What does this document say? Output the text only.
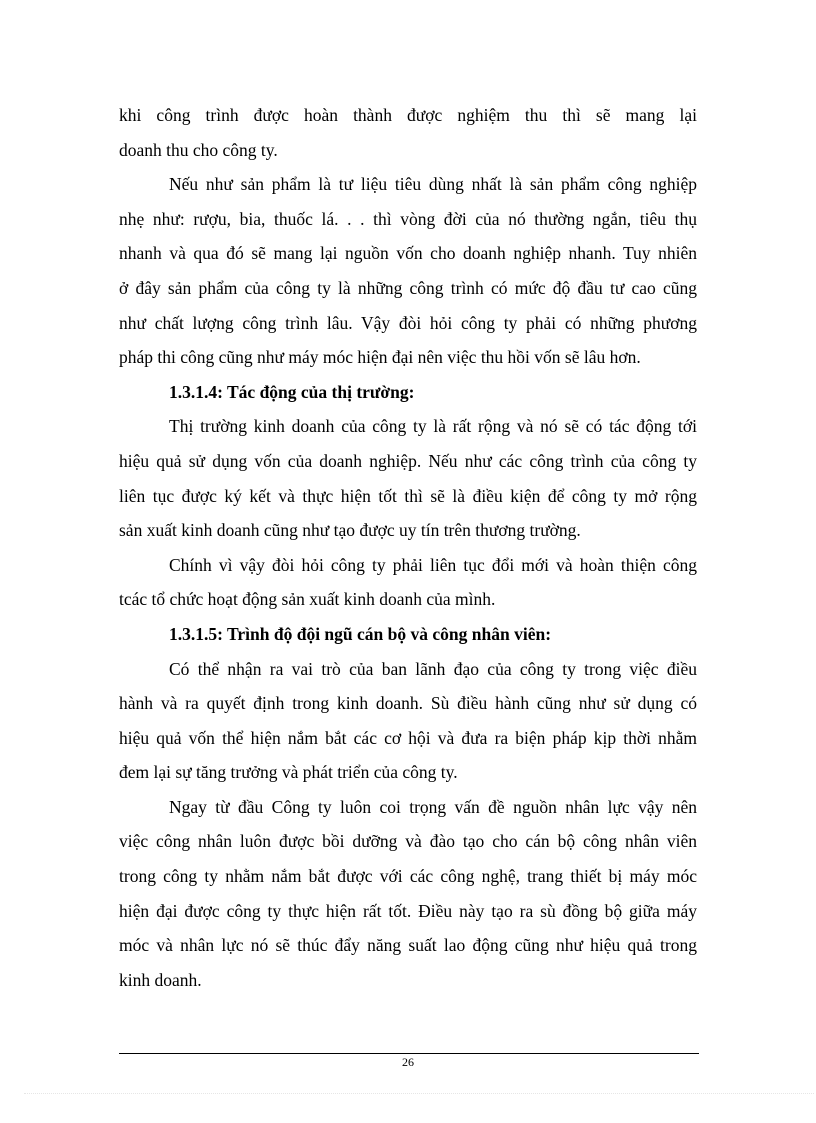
khi công trình được hoàn thành được nghiệm thu thì sẽ mang lại
doanh thu cho công ty.
Nếu như sản phẩm là tư liệu tiêu dùng nhất là sản phẩm công nghiệp
nhẹ như: rượu, bia, thuốc lá. . . thì vòng đời của nó thường ngắn, tiêu thụ
nhanh và qua đó sẽ mang lại nguồn vốn cho doanh nghiệp nhanh. Tuy nhiên
ở đây sản phẩm của công ty là những công trình có mức độ đầu tư cao cũng
như chất lượng công trình lâu. Vậy đòi hỏi công ty phải có những phương
pháp thi công cũng như máy móc hiện đại nên việc thu hồi vốn sẽ lâu hơn.
1.3.1.4: Tác động của thị trường:
Thị trường kinh doanh của công ty là rất rộng và nó sẽ có tác động tới
hiệu quả sử dụng vốn của doanh nghiệp. Nếu như các công trình của công ty
liên tục được ký kết và thực hiện tốt thì sẽ là điều kiện để công ty mở rộng
sản xuất kinh doanh cũng như tạo được uy tín trên thương trường.
Chính vì vậy đòi hỏi công ty phải liên tục đổi mới và hoàn thiện công
tcác tổ chức hoạt động sản xuất kinh doanh của mình.
1.3.1.5: Trình độ đội ngũ cán bộ và công nhân viên:
Có thể nhận ra vai trò của ban lãnh đạo của công ty trong việc điều
hành và ra quyết định trong kinh doanh. Sù điều hành cũng như sử dụng có
hiệu quả vốn thể hiện nắm bắt các cơ hội và đưa ra biện pháp kịp thời nhằm
đem lại sự tăng trưởng và phát triển của công ty.
Ngay từ đầu Công ty luôn coi trọng vấn đề nguồn nhân lực vậy nên
việc công nhân luôn được bồi dưỡng và đào tạo cho cán bộ công nhân viên
trong công ty nhằm nắm bắt được với các công nghệ, trang thiết bị máy móc
hiện đại được công ty thực hiện rất tốt. Điều này tạo ra sù đồng bộ giữa máy
móc và nhân lực nó sẽ thúc đẩy năng suất lao động cũng như hiệu quả trong
kinh doanh.
26
